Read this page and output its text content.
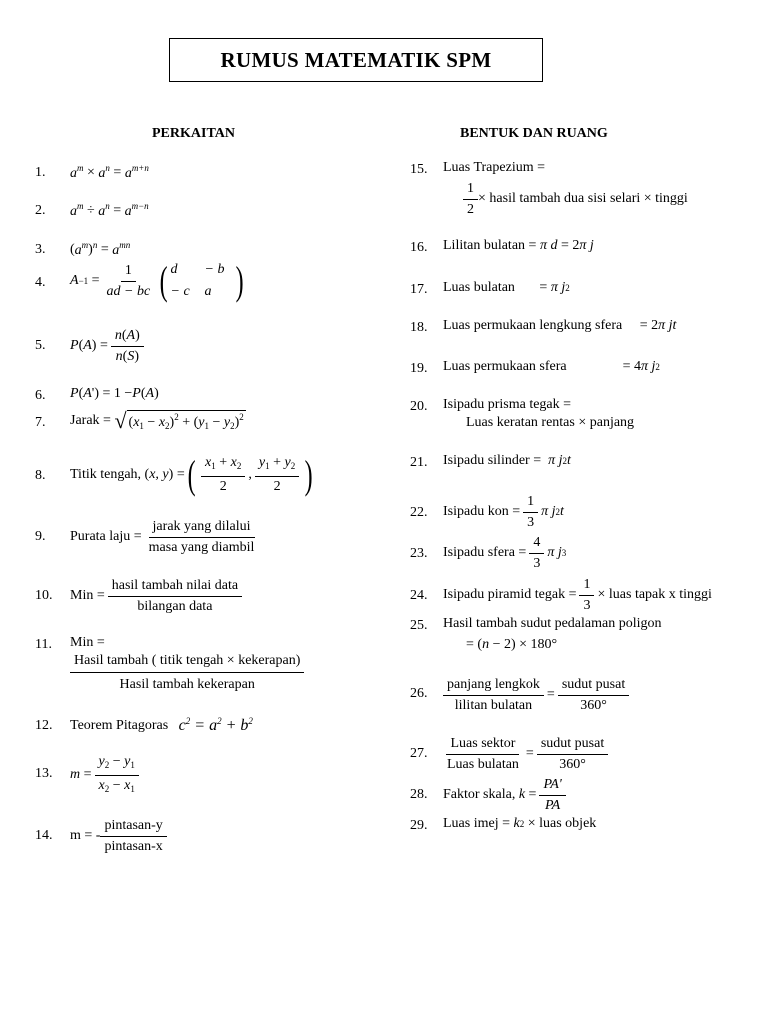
RUMUS MATEMATIK SPM
PERKAITAN	BENTUK DAN RUANG
1. $a^m \times a^n = a^{m+n}$
2. $a^m \div a^n = a^{m-n}$
3. ( $a^m$ ) $^n = a^{mn}$
4. $A -1 = \frac{1}{ad - bc}$ ( d	− b
− c	a )
5. P ( A ) = $\frac{n(A)}{n(S)}$
6. P ( A ') = 1 − P ( A )
7. Jarak =
√ $(x_1 - x_2)^2 + (y_1 - y_2)^2$
8. Titik tengah, ( x, y ) = ( $\frac{x_1 + x_2}{2}$ , $\frac{y_1 + y_2}{2}$ )
9. Purata laju = $\frac{\text{jarak yang dilalui}}{\text{masa yang diambil}}$
10. Min = $\frac{\text{hasil tambah nilai data}}{\text{bilangan data}}$
11. Min =
$\frac{\text{Hasil tambah ( titik tengah × kekerapan)}}{\text{Hasil tambah kekerapan}}$
12. Teorem Pitagoras
$c^2 = a^2 + b^2$
13. $m = \frac{y_2 - y_1}{x_2 - x_1}$
14. m = - $\frac{\text{pintasan-y}}{\text{pintasan-x}}$
15. Luas Trapezium =
$\frac{1}{2}$ × hasil tambah dua sisi selari × tinggi
16. Lilitan bulatan =
π d = 2 π j
17. Luas bulatan = π j 2
18. Luas permukaan lengkung sfera = 2 π jt
19. Luas permukaan sfera	= 4 π j 2
20. Isipadu prisma tegak =
Luas keratan rentas × panjang
21. Isipadu silinder =
π j 2 t
22. Isipadu kon = $\frac{1}{3}$ π j 2 t
23. Isipadu sfera = $\frac{4}{3}$ π j 3
24. Isipadu piramid tegak = $\frac{1}{3}$ × luas tapak x tinggi
25. Hasil tambah sudut pedalaman poligon
= ( n − 2) × 180°
26. $\frac{\text{panjang lengkok}}{\text{lilitan bulatan}} = \frac{\text{sudut pusat}}{360^\circ}$
27. $\frac{\text{Luas sektor}}{\text{Luas bulatan}} = \frac{\text{sudut pusat}}{360^\circ}$
28. Faktor skala,
$k = \frac{PA'}{PA}$
29. Luas imej =
k 2 × luas objek
